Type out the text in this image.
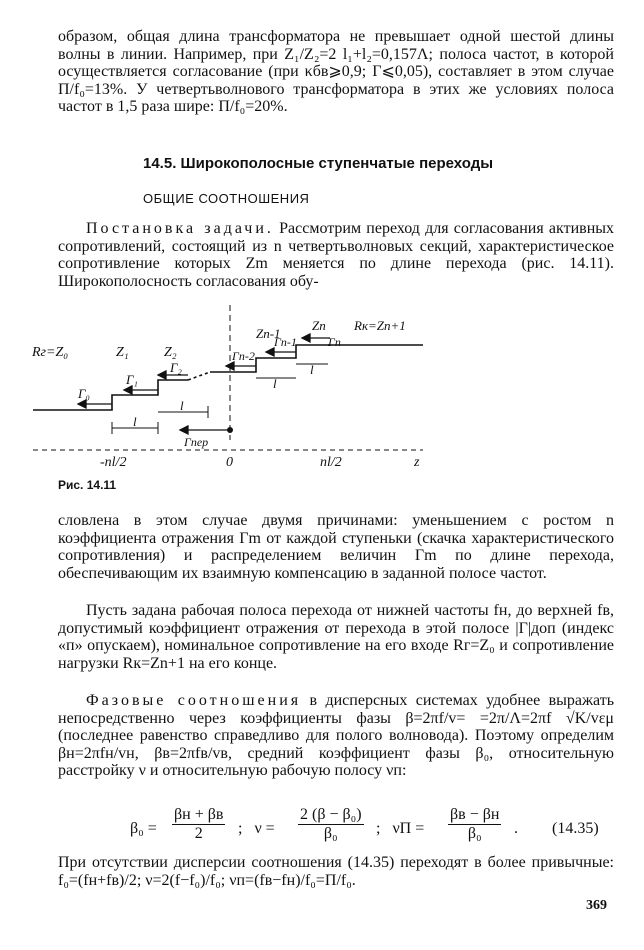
образом, общая длина трансформатора не превышает одной шестой длины волны в линии. Например, при Z₁/Z₂=2 l₁+l₂=0,157Λ; полоса частот, в которой осуществляется согласование (при κбв⩾0,9; Г⩽0,05), составляет в этом случае П/f₀=13%. У четвертьволнового трансформатора в этих же условиях полоса частот в 1,5 раза шире: П/f₀=20%.

14.5. Широкополосные ступенчатые переходы
ОБЩИЕ СООТНОШЕНИЯ

Постановка задачи. Рассмотрим переход для согласования активных сопротивлений, состоящий из n четвертьволновых секций, характеристическое сопротивление которых Zm меняется по длине перехода (рис. 14.11). Широкополосность согласования обу-

Rг=Z₀	Z₁	Z₂
Zn-1
Zn Rк=Zn+1
Г₀
Г₁
Г₂
Гn-2
Гn-1	Гn
Гпер
l
l
l
l
-nl/2	0	nl/2	z
Рис. 14.11

словлена в этом случае двумя причинами: уменьшением с ростом n коэффициента отражения Гm от каждой ступеньки (скачка характеристического сопротивления) и распределением величин Гm по длине перехода, обеспечивающим их взаимную компенсацию в заданной полосе частот.

Пусть задана рабочая полоса перехода от нижней частоты fн, до верхней fв, допустимый коэффициент отражения от перехода в этой полосе |Г|доп (индекс «п» опускаем), номинальное сопротивление на его входе Rг=Z₀ и сопротивление нагрузки Rк=Zn+1 на его конце.

Фазовые соотношения в дисперсных системах удобнее выражать непосредственно через коэффициенты фазы β=2πf/v= =2π/Λ=2πf √K/vεμ (последнее равенство справедливо для полого волновода). Поэтому определим βн=2πfн/vн, βв=2πfв/vв, средний коэффициент фазы β₀, относительную расстройку ν и относительную рабочую полосу νп:

β₀ =
βн + βв
2	;   $\nu = \frac{\text{2 (β − β₀)}}{\text{β₀}}$ ;   νП =
βв − βн
β₀	. (14.35)

При отсутствии дисперсии соотношения (14.35) переходят в более привычные: f₀=(fн+fв)/2; ν=2(f−f₀)/f₀; νп=(fв−fн)/f₀=П/f₀.

369
